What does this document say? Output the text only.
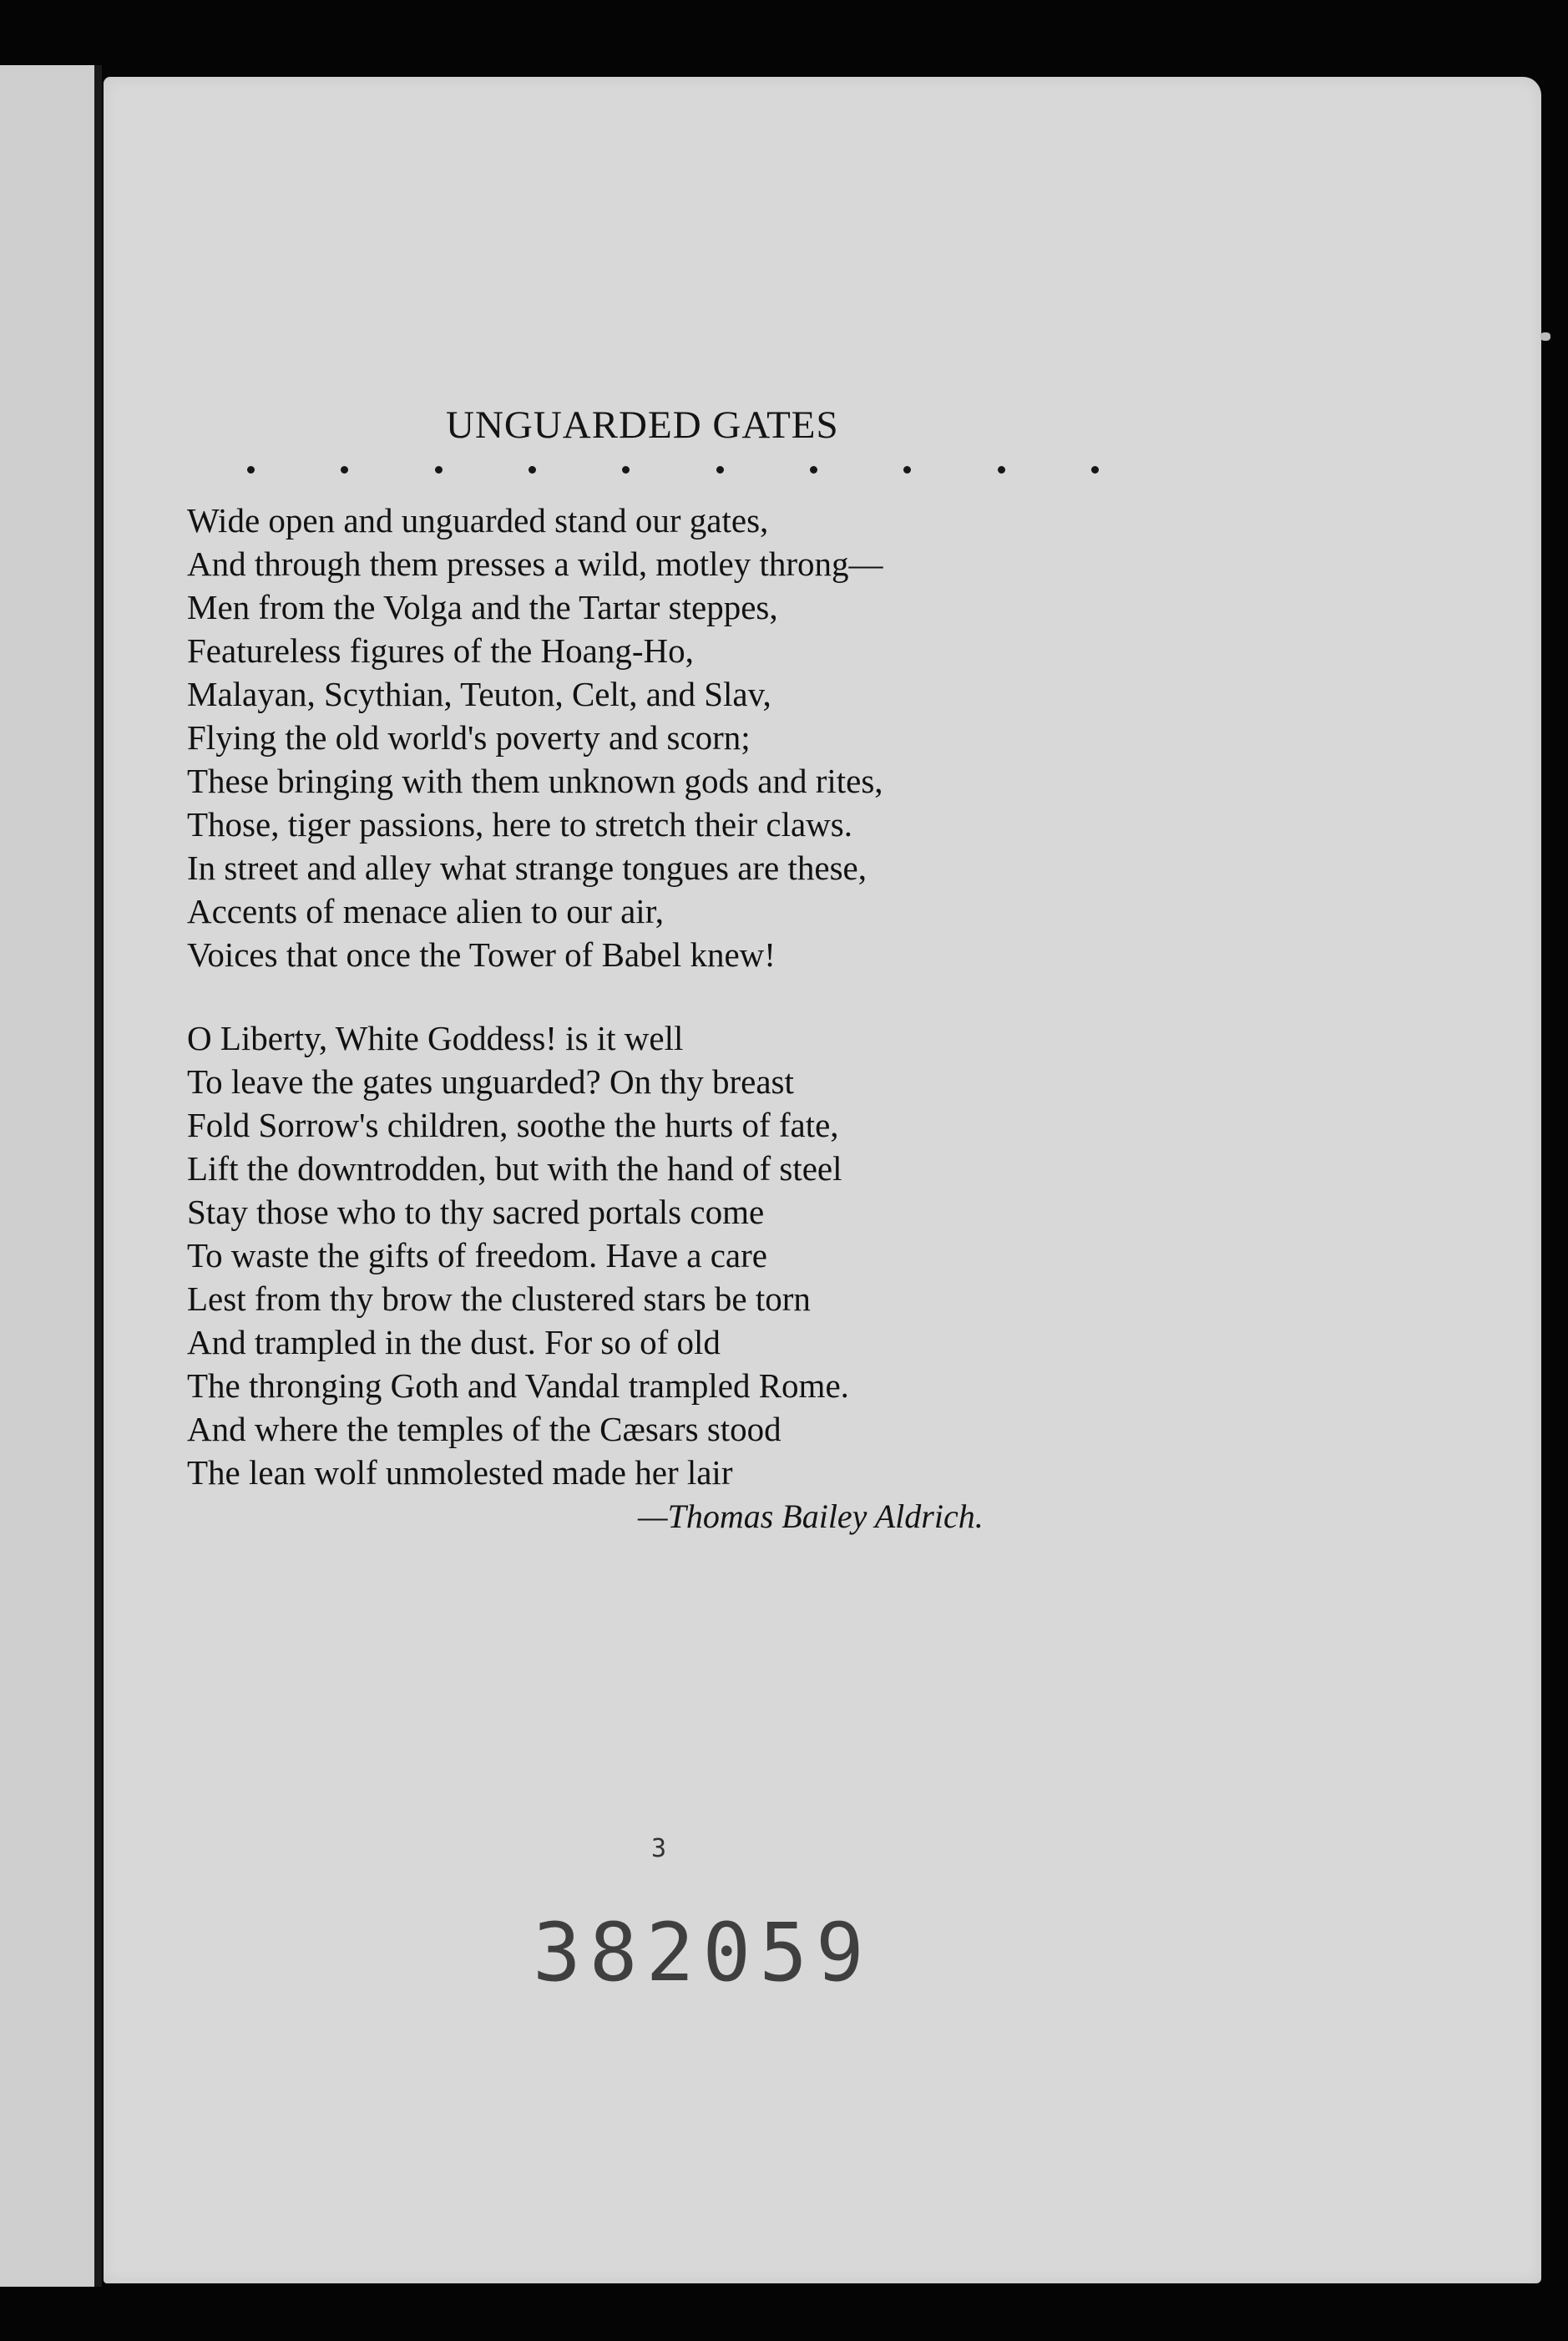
UNGUARDED GATES
Wide open and unguarded stand our gates,
And through them presses a wild, motley throng—
Men from the Volga and the Tartar steppes,
Featureless figures of the Hoang-Ho,
Malayan, Scythian, Teuton, Celt, and Slav,
Flying the old world's poverty and scorn;
These bringing with them unknown gods and rites,
Those, tiger passions, here to stretch their claws.
In street and alley what strange tongues are these,
Accents of menace alien to our air,
Voices that once the Tower of Babel knew!
O Liberty, White Goddess! is it well
To leave the gates unguarded? On thy breast
Fold Sorrow's children, soothe the hurts of fate,
Lift the downtrodden, but with the hand of steel
Stay those who to thy sacred portals come
To waste the gifts of freedom. Have a care
Lest from thy brow the clustered stars be torn
And trampled in the dust. For so of old
The thronging Goth and Vandal trampled Rome.
And where the temples of the Cæsars stood
The lean wolf unmolested made her lair
—Thomas Bailey Aldrich.
3
382059
